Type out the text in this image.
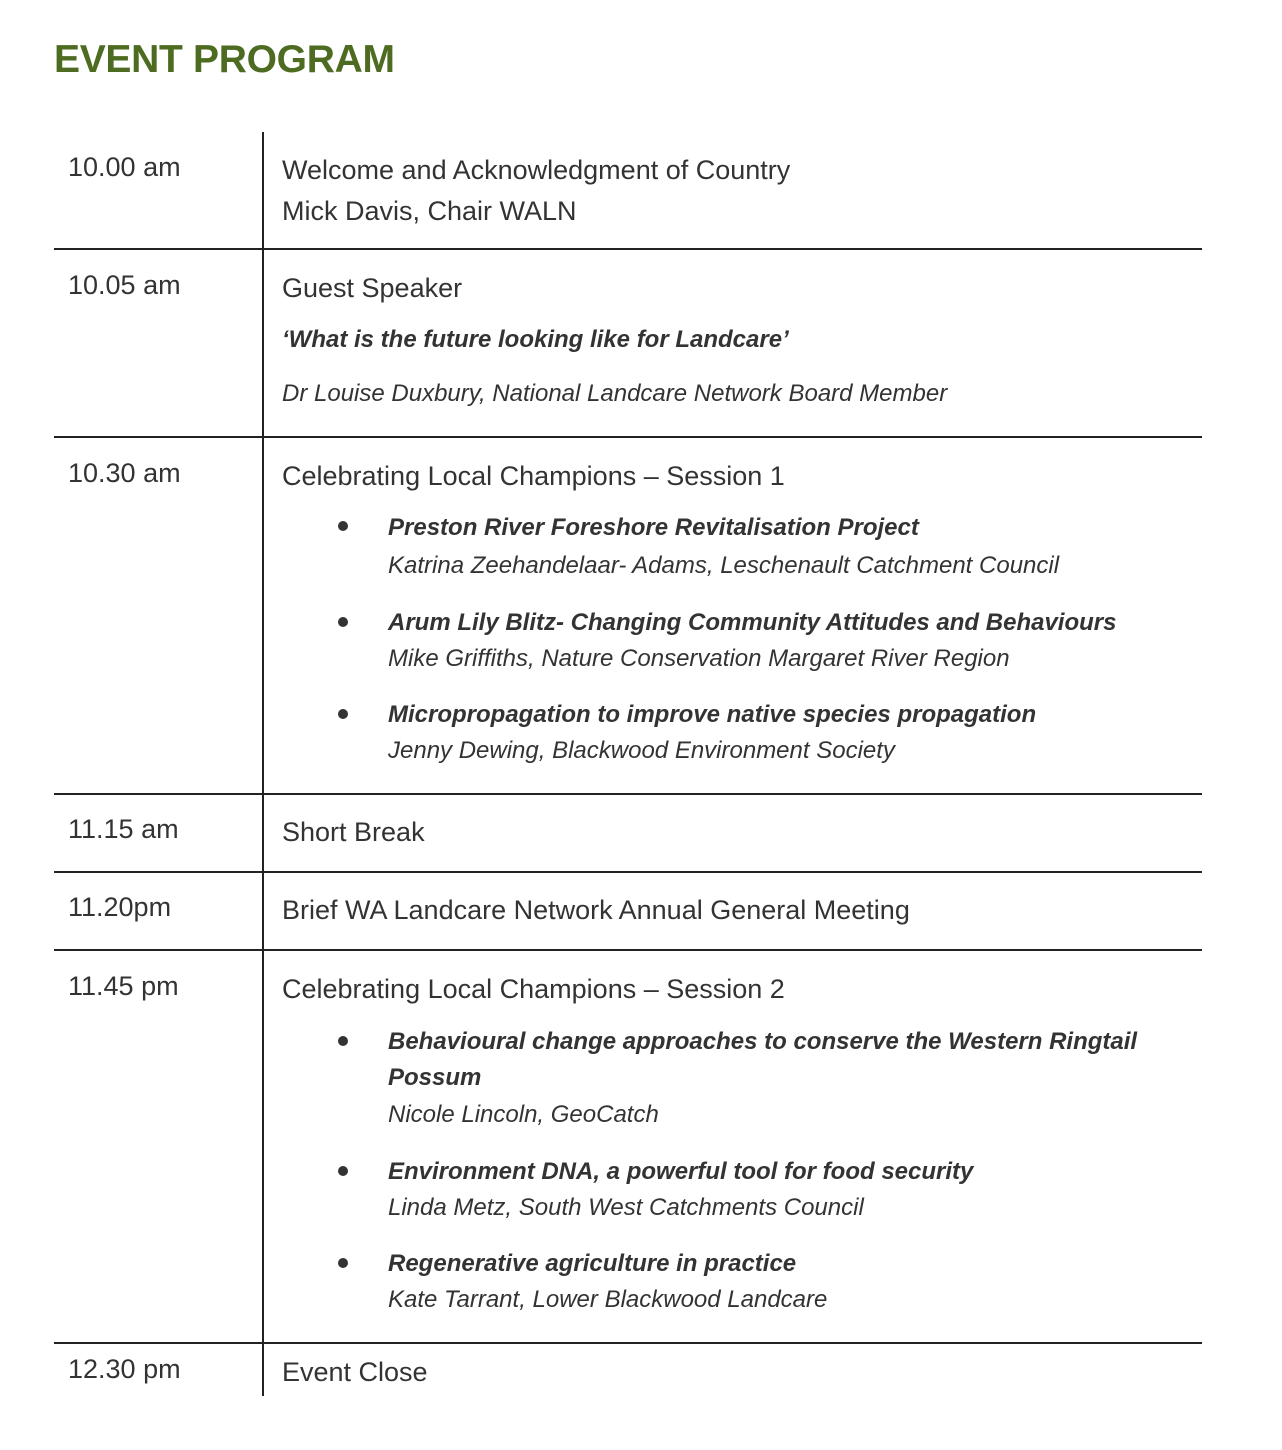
EVENT PROGRAM
10.00 am	Welcome and Acknowledgment of Country
Mick Davis, Chair WALN
10.05 am	Guest Speaker
‘What is the future looking like for Landcare’
Dr Louise Duxbury, National Landcare Network Board Member
10.30 am	Celebrating Local Champions – Session 1
Preston River Foreshore Revitalisation Project
Katrina Zeehandelaar- Adams, Leschenault Catchment Council
Arum Lily Blitz- Changing Community Attitudes and Behaviours
Mike Griffiths, Nature Conservation Margaret River Region
Micropropagation to improve native species propagation
Jenny Dewing, Blackwood Environment Society
11.15 am	Short Break
11.20pm	Brief WA Landcare Network Annual General Meeting
11.45 pm	Celebrating Local Champions – Session 2
Behavioural change approaches to conserve the Western Ringtail Possum
Nicole Lincoln, GeoCatch
Environment DNA, a powerful tool for food security
Linda Metz, South West Catchments Council
Regenerative agriculture in practice
Kate Tarrant, Lower Blackwood Landcare
12.30 pm	Event Close
